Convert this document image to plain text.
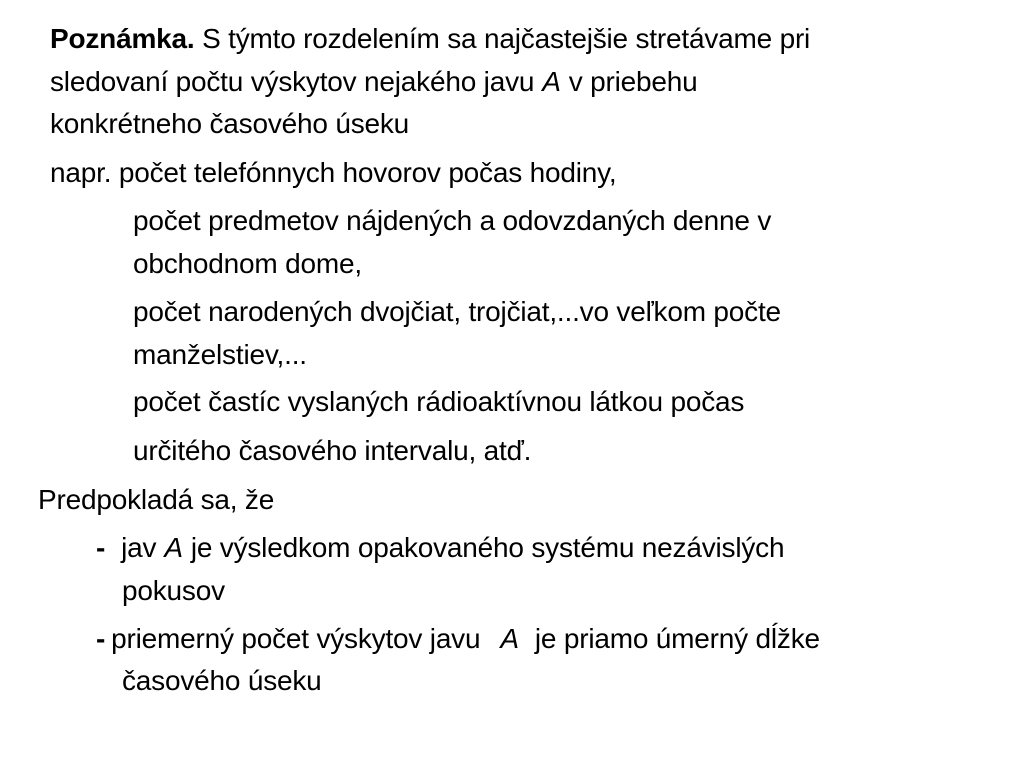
Poznámka. S týmto rozdelením sa najčastejšie stretávame pri
sledovaní počtu výskytov nejakého javu A v priebehu
konkrétneho časového úseku
napr. počet telefónnych hovorov počas hodiny,
počet predmetov nájdených a odovzdaných denne v
obchodnom dome,
počet narodených dvojčiat, trojčiat,...vo veľkom počte
manželstiev,...
počet častíc vyslaných rádioaktívnou látkou počas
určitého časového intervalu, atď.
Predpokladá sa, že
- jav A je výsledkom opakovaného systému nezávislých
pokusov
- priemerný počet výskytov javu A je priamo úmerný dĺžke
časového úseku
